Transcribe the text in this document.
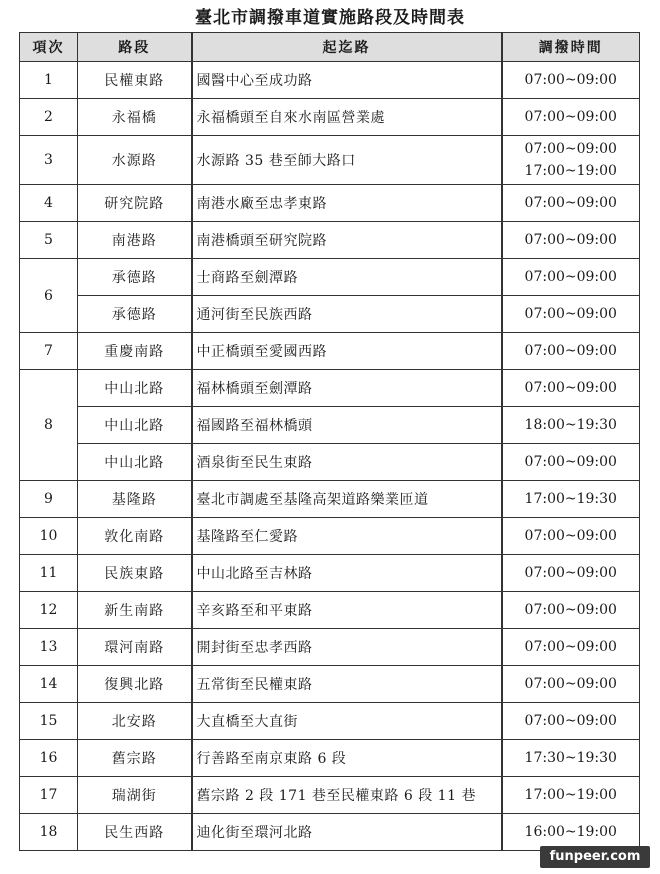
臺北市調撥車道實施路段及時間表
項次	路段	起迄路	調撥時間
1	民權東路	國醫中心至成功路	07:00~09:00

2	永福橋	永福橋頭至自來水南區營業處	07:00~09:00

3	水源路	水源路 35 巷至師大路口	07:00~09:00
17:00~19:00

4	研究院路	南港水廠至忠孝東路	07:00~09:00

5	南港路	南港橋頭至研究院路	07:00~09:00

6	承德路	士商路至劍潭路	07:00~09:00

	承德路	通河街至民族西路	07:00~09:00

7	重慶南路	中正橋頭至愛國西路	07:00~09:00

8	中山北路	福林橋頭至劍潭路	07:00~09:00

	中山北路	福國路至福林橋頭	18:00~19:30

	中山北路	酒泉街至民生東路	07:00~09:00

9	基隆路	臺北市調處至基隆高架道路樂業匝道	17:00~19:30

10	敦化南路	基隆路至仁愛路	07:00~09:00

11	民族東路	中山北路至吉林路	07:00~09:00

12	新生南路	辛亥路至和平東路	07:00~09:00

13	環河南路	開封街至忠孝西路	07:00~09:00

14	復興北路	五常街至民權東路	07:00~09:00

15	北安路	大直橋至大直街	07:00~09:00

16	舊宗路	行善路至南京東路 6 段	17:30~19:30

17	瑞湖街	舊宗路 2 段 171 巷至民權東路 6 段 11 巷	17:00~19:00

18	民生西路	迪化街至環河北路	16:00~19:00
funpeer.com
